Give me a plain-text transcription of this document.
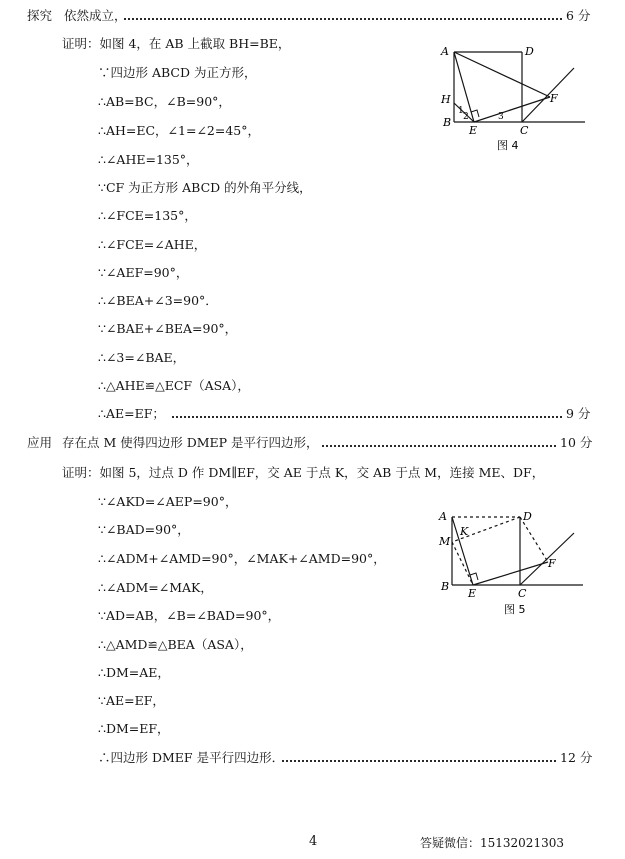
探究 依然成立，	6 分
证明：如图 4，在 AB 上截取 BH=BE，
∵四边形 ABCD 为正方形，
∴AB=BC，∠B=90°，
∴AH=EC，∠1=∠2=45°，
∴∠AHE=135°，
∵CF 为正方形 ABCD 的外角平分线，
∴∠FCE=135°，
∴∠FCE=∠AHE，
∵∠AEF=90°，
∴∠BEA+∠3=90°．
∵∠BAE+∠BEA=90°，
∴∠3=∠BAE，
∴△AHE≌△ECF（ASA），
∴AE=EF；	9 分
A	D
H
B
E	C
F
1
2	3
图 4
应用 存在点 M 使得四边形 DMEP 是平行四边形，	10 分
证明：如图 5，过点 D 作 DM∥EF，交 AE 于点 K，交 AB 于点 M，连接 ME、DF，
∵∠AKD=∠AEP=90°，
∵∠BAD=90°，
∴∠ADM+∠AMD=90°，∠MAK+∠AMD=90°，
∴∠ADM=∠MAK，
∵AD=AB，∠B=∠BAD=90°，
∴△AMD≌△BEA（ASA），
∴DM=AE，
∵AE=EF，
∴DM=EF，
∴四边形 DMEF 是平行四边形．	12 分
A	D
K
M
B
E	C
F
图 5
4	答疑微信：15132021303
